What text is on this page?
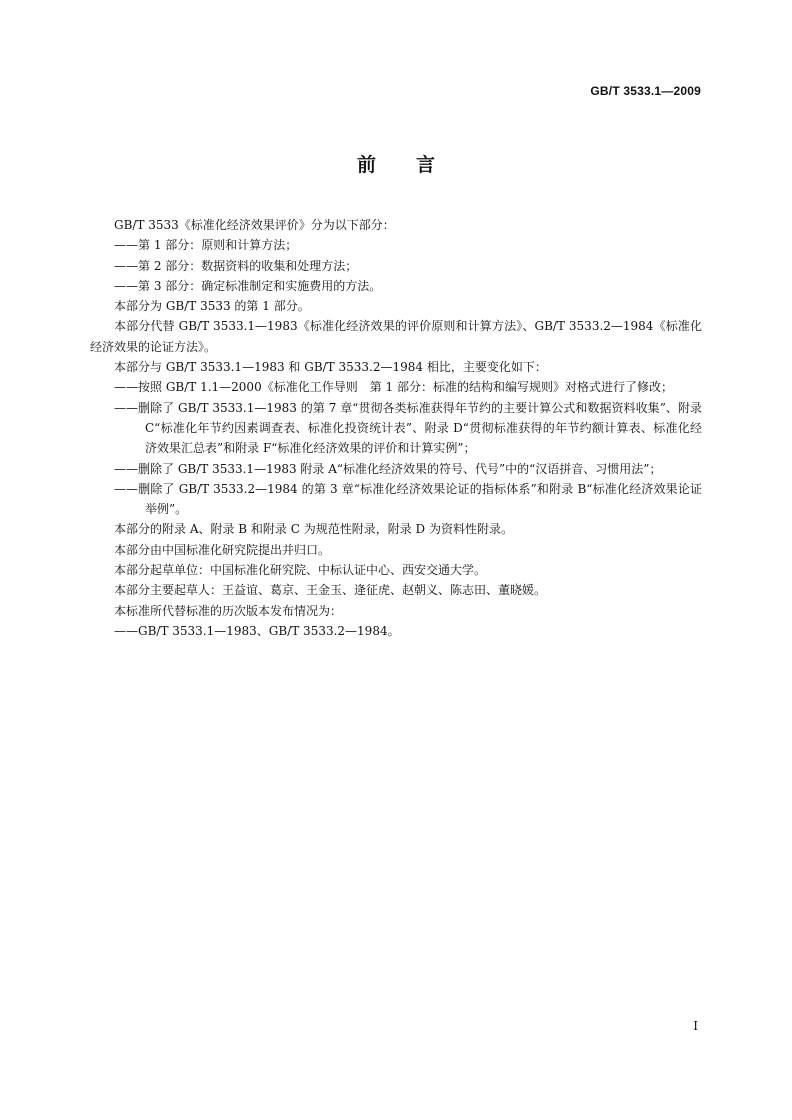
GB/T 3533.1—2009
前 言

GB/T 3533《标准化经济效果评价》分为以下部分：

——第 1 部分：原则和计算方法；

——第 2 部分：数据资料的收集和处理方法；

——第 3 部分：确定标准制定和实施费用的方法。

本部分为 GB/T 3533 的第 1 部分。

本部分代替 GB/T 3533.1—1983《标准化经济效果的评价原则和计算方法》、GB/T 3533.2—1984《标准化经济效果的论证方法》。

本部分与 GB/T 3533.1—1983 和 GB/T 3533.2—1984 相比，主要变化如下：

——按照 GB/T 1.1—2000《标准化工作导则　第 1 部分：标准的结构和编写规则》对格式进行了修改；

——删除了 GB/T 3533.1—1983 的第 7 章“贯彻各类标准获得年节约的主要计算公式和数据资料收集”、附录 C“标准化年节约因素调查表、标准化投资统计表”、附录 D“贯彻标准获得的年节约额计算表、标准化经济效果汇总表”和附录 F“标准化经济效果的评价和计算实例”；

——删除了 GB/T 3533.1—1983 附录 A“标准化经济效果的符号、代号”中的“汉语拼音、习惯用法”；

——删除了 GB/T 3533.2—1984 的第 3 章“标准化经济效果论证的指标体系”和附录 B“标准化经济效果论证举例”。

本部分的附录 A、附录 B 和附录 C 为规范性附录，附录 D 为资料性附录。

本部分由中国标准化研究院提出并归口。

本部分起草单位：中国标准化研究院、中标认证中心、西安交通大学。

本部分主要起草人：王益谊、葛京、王金玉、逄征虎、赵朝义、陈志田、董晓媛。

本标准所代替标准的历次版本发布情况为：

——GB/T 3533.1—1983、GB/T 3533.2—1984。

I
